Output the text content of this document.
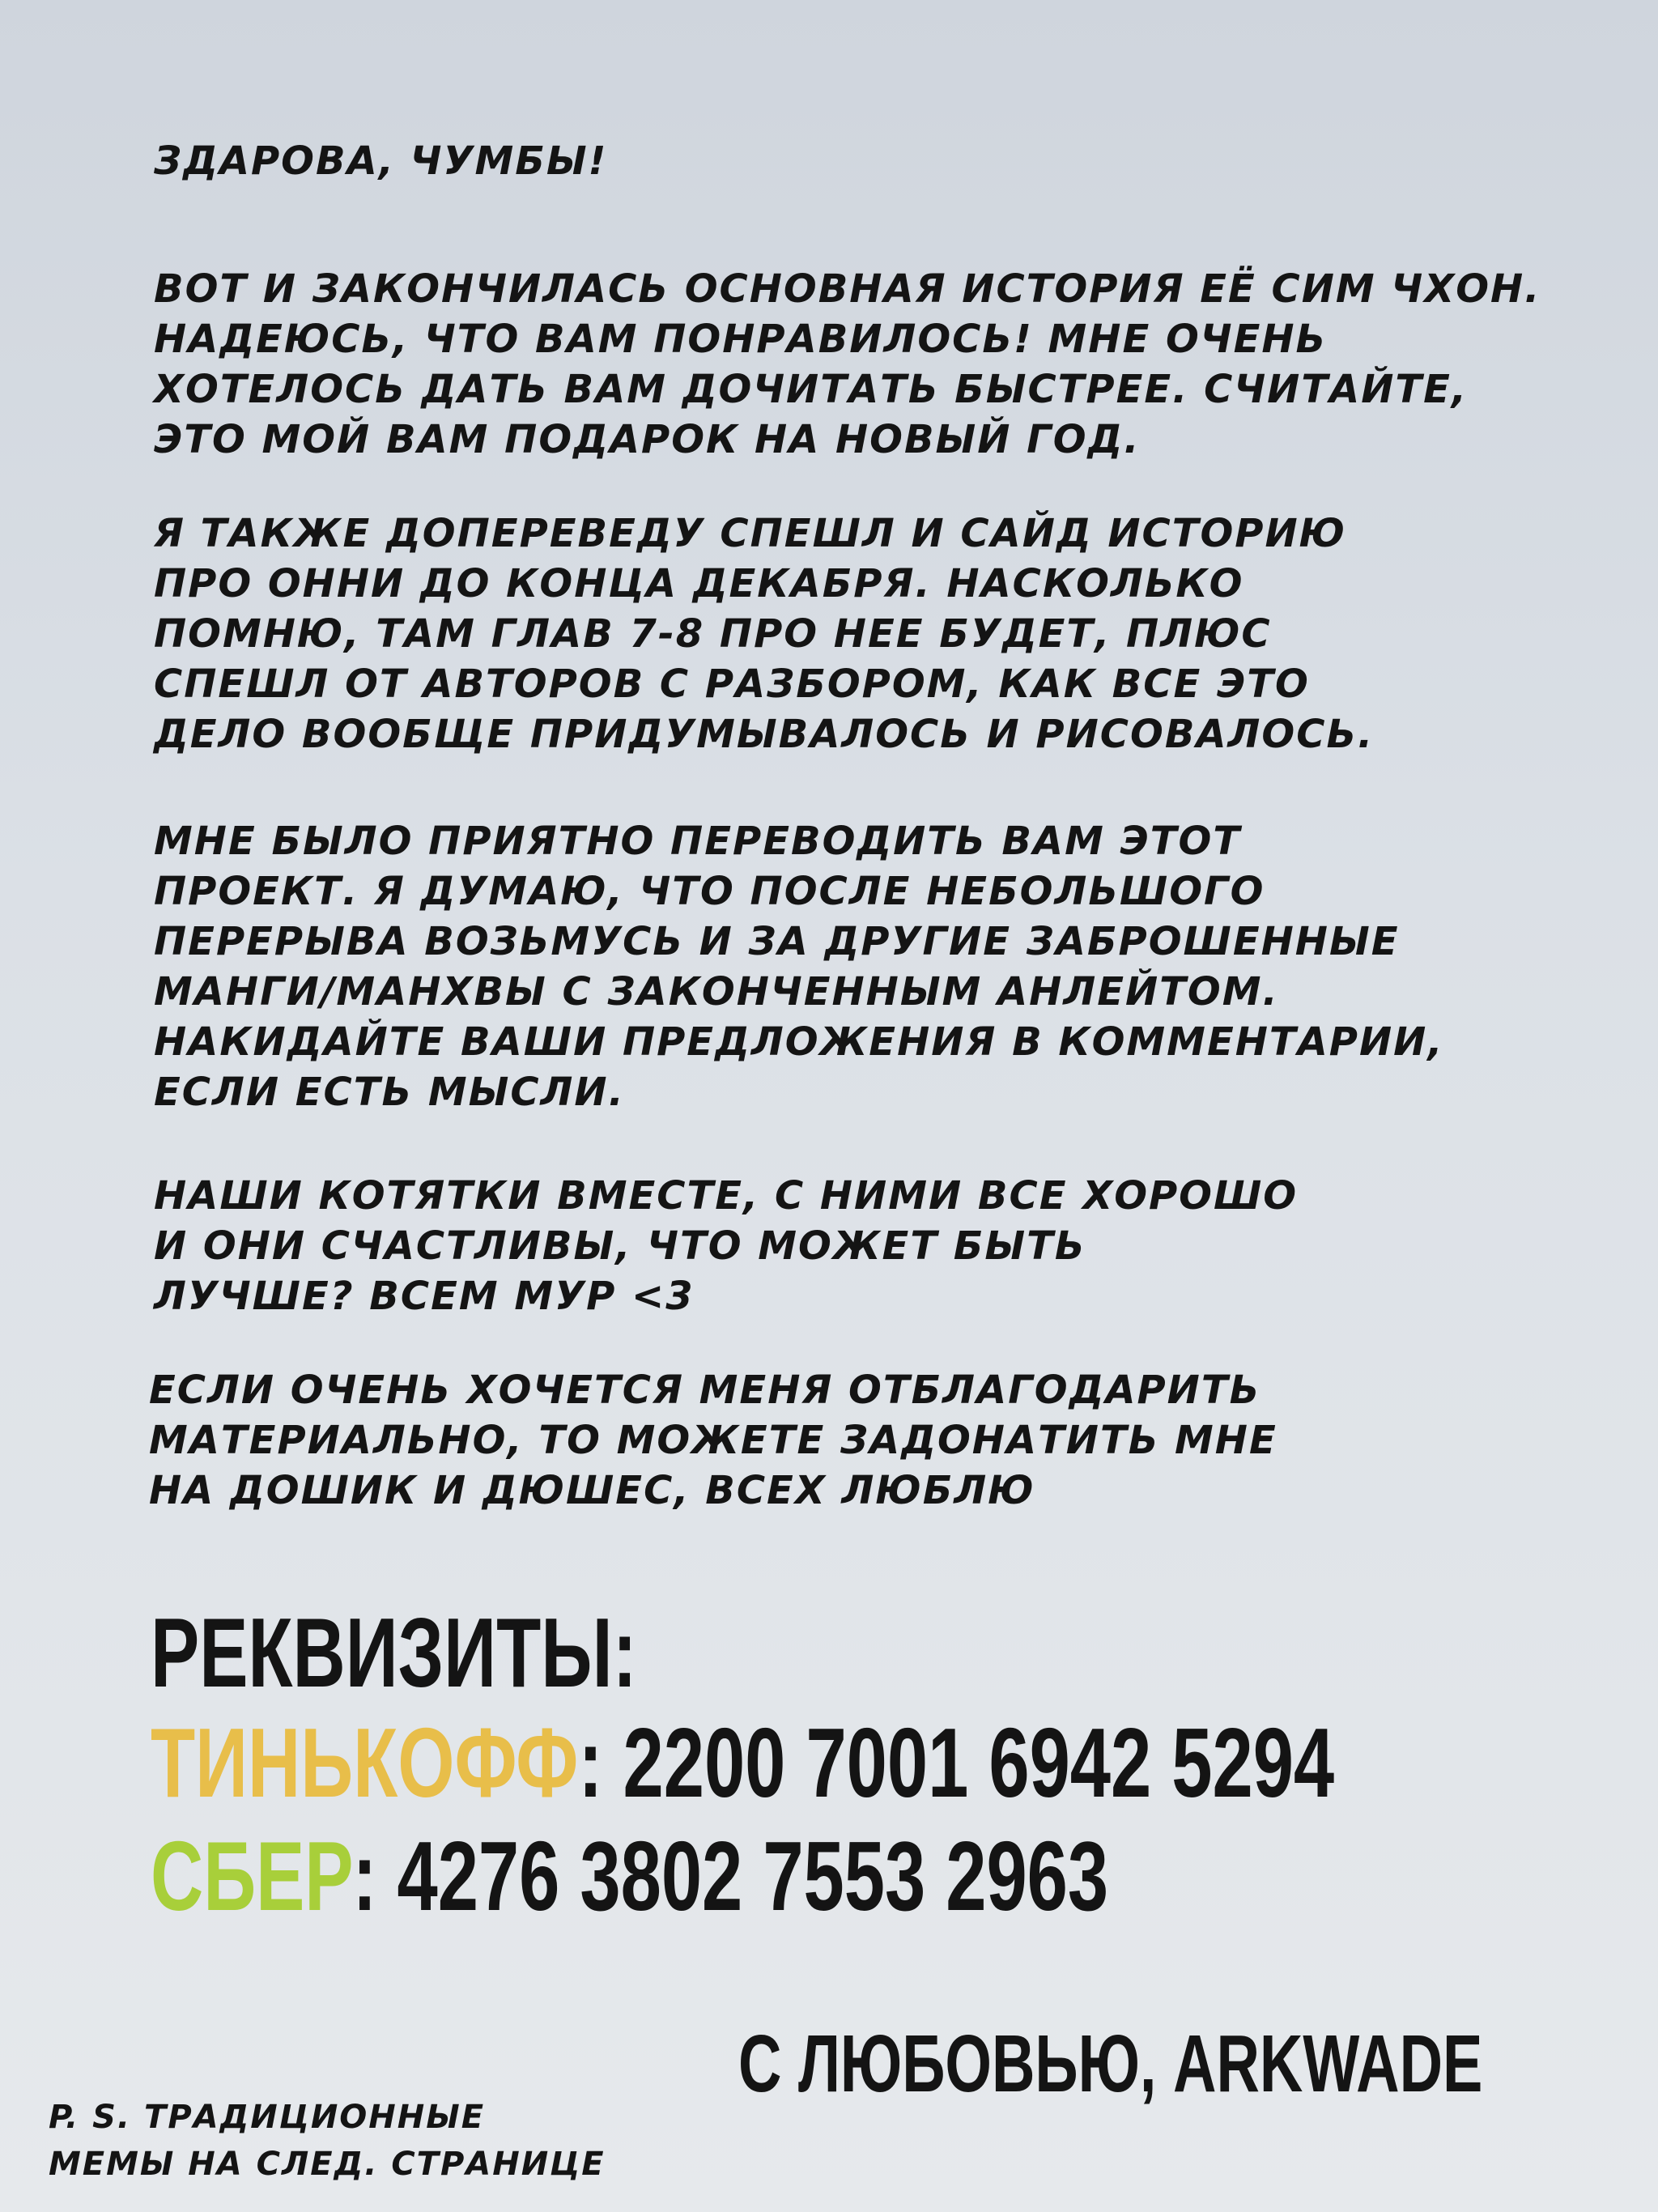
ЗДАРОВА, ЧУМБЫ!

ВОТ И ЗАКОНЧИЛАСЬ ОСНОВНАЯ ИСТОРИЯ ЕЁ СИМ ЧХОН.
НАДЕЮСЬ, ЧТО ВАМ ПОНРАВИЛОСЬ! МНЕ ОЧЕНЬ
ХОТЕЛОСЬ ДАТЬ ВАМ ДОЧИТАТЬ БЫСТРЕЕ. СЧИТАЙТЕ,
ЭТО МОЙ ВАМ ПОДАРОК НА НОВЫЙ ГОД.

Я ТАКЖЕ ДОПЕРЕВЕДУ СПЕШЛ И САЙД ИСТОРИЮ
ПРО ОННИ ДО КОНЦА ДЕКАБРЯ. НАСКОЛЬКО
ПОМНЮ, ТАМ ГЛАВ 7-8 ПРО НЕЕ БУДЕТ, ПЛЮС
СПЕШЛ ОТ АВТОРОВ С РАЗБОРОМ, КАК ВСЕ ЭТО
ДЕЛО ВООБЩЕ ПРИДУМЫВАЛОСЬ И РИСОВАЛОСЬ.

МНЕ БЫЛО ПРИЯТНО ПЕРЕВОДИТЬ ВАМ ЭТОТ
ПРОЕКТ. Я ДУМАЮ, ЧТО ПОСЛЕ НЕБОЛЬШОГО
ПЕРЕРЫВА ВОЗЬМУСЬ И ЗА ДРУГИЕ ЗАБРОШЕННЫЕ
МАНГИ/МАНХВЫ С ЗАКОНЧЕННЫМ АНЛЕЙТОМ.
НАКИДАЙТЕ ВАШИ ПРЕДЛОЖЕНИЯ В КОММЕНТАРИИ,
ЕСЛИ ЕСТЬ МЫСЛИ.

НАШИ КОТЯТКИ ВМЕСТЕ, С НИМИ ВСЕ ХОРОШО
И ОНИ СЧАСТЛИВЫ, ЧТО МОЖЕТ БЫТЬ
ЛУЧШЕ? ВСЕМ МУР <3

ЕСЛИ ОЧЕНЬ ХОЧЕТСЯ МЕНЯ ОТБЛАГОДАРИТЬ
МАТЕРИАЛЬНО, ТО МОЖЕТЕ ЗАДОНАТИТЬ МНЕ
НА ДОШИК И ДЮШЕС, ВСЕХ ЛЮБЛЮ

РЕКВИЗИТЫ:
ТИНЬКОФФ: 2200 7001 6942 5294
СБЕР: 4276 3802 7553 2963
С ЛЮБОВЬЮ, ARKWADE

P. S. ТРАДИЦИОННЫЕ
МЕМЫ НА СЛЕД. СТРАНИЦЕ
